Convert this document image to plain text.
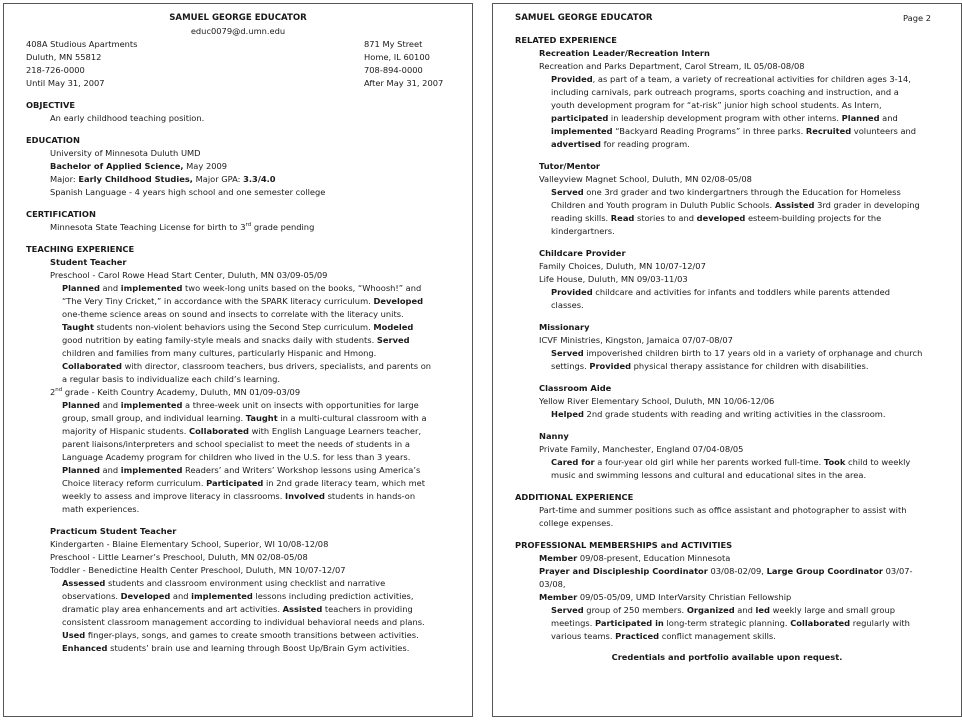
SAMUEL GEORGE EDUCATOR
educ0079@d.umn.edu
408A Studious Apartments	871 My Street
Duluth, MN 55812	Home, IL 60100
218-726-0000	708-894-0000
Until May 31, 2007	After May 31, 2007
OBJECTIVE
An early childhood teaching position.
EDUCATION
University of Minnesota Duluth UMD
Bachelor of Applied Science, May 2009
Major: Early Childhood Studies, Major GPA: 3.3/4.0
Spanish Language - 4 years high school and one semester college
CERTIFICATION
Minnesota State Teaching License for birth to 3rd grade pending
TEACHING EXPERIENCE
Student Teacher
Preschool - Carol Rowe Head Start Center, Duluth, MN 03/09-05/09
Planned and implemented two week-long units based on the books, “Whoosh!” and
“The Very Tiny Cricket,” in accordance with the SPARK literacy curriculum. Developed
one-theme science areas on sound and insects to correlate with the literacy units.
Taught students non-violent behaviors using the Second Step curriculum. Modeled
good nutrition by eating family-style meals and snacks daily with students. Served
children and families from many cultures, particularly Hispanic and Hmong.
Collaborated with director, classroom teachers, bus drivers, specialists, and parents on
a regular basis to individualize each child’s learning.
2nd grade - Keith Country Academy, Duluth, MN 01/09-03/09
Planned and implemented a three-week unit on insects with opportunities for large
group, small group, and individual learning. Taught in a multi-cultural classroom with a
majority of Hispanic students. Collaborated with English Language Learners teacher,
parent liaisons/interpreters and school specialist to meet the needs of students in a
Language Academy program for children who lived in the U.S. for less than 3 years.
Planned and implemented Readers’ and Writers’ Workshop lessons using America’s
Choice literacy reform curriculum. Participated in 2nd grade literacy team, which met
weekly to assess and improve literacy in classrooms. Involved students in hands-on
math experiences.
Practicum Student Teacher
Kindergarten - Blaine Elementary School, Superior, WI 10/08-12/08
Preschool - Little Learner’s Preschool, Duluth, MN 02/08-05/08
Toddler - Benedictine Health Center Preschool, Duluth, MN 10/07-12/07
Assessed students and classroom environment using checklist and narrative
observations. Developed and implemented lessons including prediction activities,
dramatic play area enhancements and art activities. Assisted teachers in providing
consistent classroom management according to individual behavioral needs and plans.
Used finger-plays, songs, and games to create smooth transitions between activities.
Enhanced students’ brain use and learning through Boost Up/Brain Gym activities.
SAMUEL GEORGE EDUCATOR	Page 2
RELATED EXPERIENCE
Recreation Leader/Recreation Intern
Recreation and Parks Department, Carol Stream, IL 05/08-08/08
Provided, as part of a team, a variety of recreational activities for children ages 3-14,
including carnivals, park outreach programs, sports coaching and instruction, and a
youth development program for “at-risk” junior high school students. As Intern,
participated in leadership development program with other interns. Planned and
implemented “Backyard Reading Programs” in three parks. Recruited volunteers and
advertised for reading program.
Tutor/Mentor
Valleyview Magnet School, Duluth, MN 02/08-05/08
Served one 3rd grader and two kindergartners through the Education for Homeless
Children and Youth program in Duluth Public Schools. Assisted 3rd grader in developing
reading skills. Read stories to and developed esteem-building projects for the
kindergartners.
Childcare Provider
Family Choices, Duluth, MN 10/07-12/07
Life House, Duluth, MN 09/03-11/03
Provided childcare and activities for infants and toddlers while parents attended
classes.
Missionary
ICVF Ministries, Kingston, Jamaica 07/07-08/07
Served impoverished children birth to 17 years old in a variety of orphanage and church
settings. Provided physical therapy assistance for children with disabilities.
Classroom Aide
Yellow River Elementary School, Duluth, MN 10/06-12/06
Helped 2nd grade students with reading and writing activities in the classroom.
Nanny
Private Family, Manchester, England 07/04-08/05
Cared for a four-year old girl while her parents worked full-time. Took child to weekly
music and swimming lessons and cultural and educational sites in the area.
ADDITIONAL EXPERIENCE
Part-time and summer positions such as office assistant and photographer to assist with
college expenses.
PROFESSIONAL MEMBERSHIPS and ACTIVITIES
Member 09/08-present, Education Minnesota
Prayer and Discipleship Coordinator 03/08-02/09, Large Group Coordinator 03/07-03/08,
Member 09/05-05/09, UMD InterVarsity Christian Fellowship
Served group of 250 members. Organized and led weekly large and small group
meetings. Participated in long-term strategic planning. Collaborated regularly with
various teams. Practiced conflict management skills.
Credentials and portfolio available upon request.
